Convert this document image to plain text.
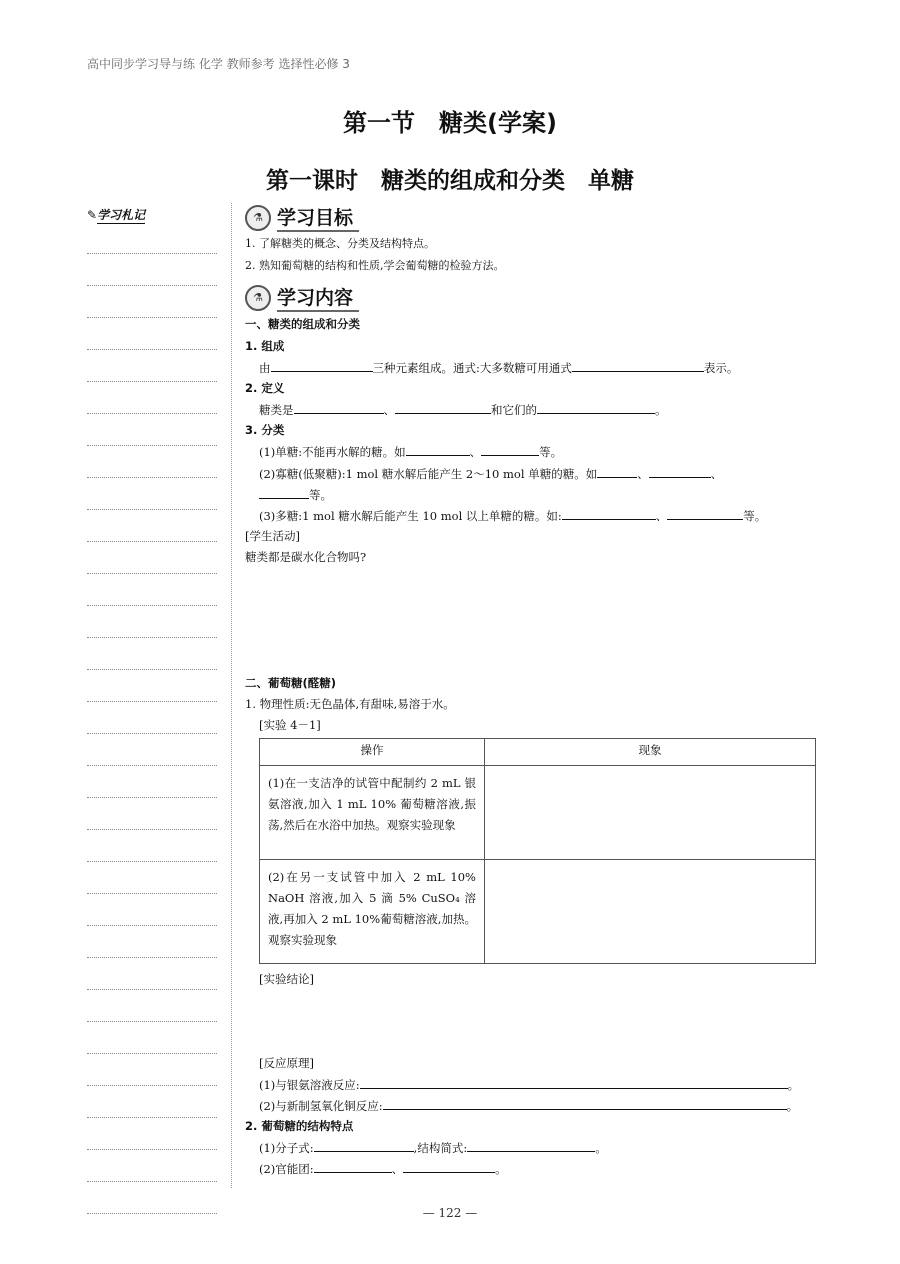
高中同步学习导与练 化学 教师参考 选择性必修 3
第一节　糖类(学案)
第一课时　糖类的组成和分类　单糖
✎学习札记	⚗ 学习目标
1. 了解糖类的概念、分类及结构特点。
2. 熟知葡萄糖的结构和性质,学会葡萄糖的检验方法。
⚗ 学习内容
一、糖类的组成和分类
1. 组成
由	三种元素组成。通式:大多数糖可用通式	表示。
2. 定义
糖类是	、	和它们的	。
3. 分类
(1)单糖:不能再水解的糖。如	、	等。
(2)寡糖(低聚糖):1 mol 糖水解后能产生 2～10 mol 单糖的糖。如	、	、
等。
(3)多糖:1 mol 糖水解后能产生 10 mol 以上单糖的糖。如:	、	等。
[学生活动]
糖类都是碳水化合物吗?
二、葡萄糖(醛糖)
1. 物理性质:无色晶体,有甜味,易溶于水。
[实验 4－1]
操作	现象
(1)在一支洁净的试管中配制约 2 mL 银氨溶液,加入 1 mL 10% 葡萄糖溶液,振荡,然后在水浴中加热。观察实验现象	
(2)在另一支试管中加入 2 mL 10% NaOH 溶液,加入 5 滴 5% CuSO₄ 溶液,再加入 2 mL 10%葡萄糖溶液,加热。观察实验现象	
[实验结论]
[反应原理]
(1)与银氨溶液反应:	。
(2)与新制氢氧化铜反应:	。
2. 葡萄糖的结构特点
(1)分子式:	,结构简式:	。
(2)官能团:	、	。
— 122 —
